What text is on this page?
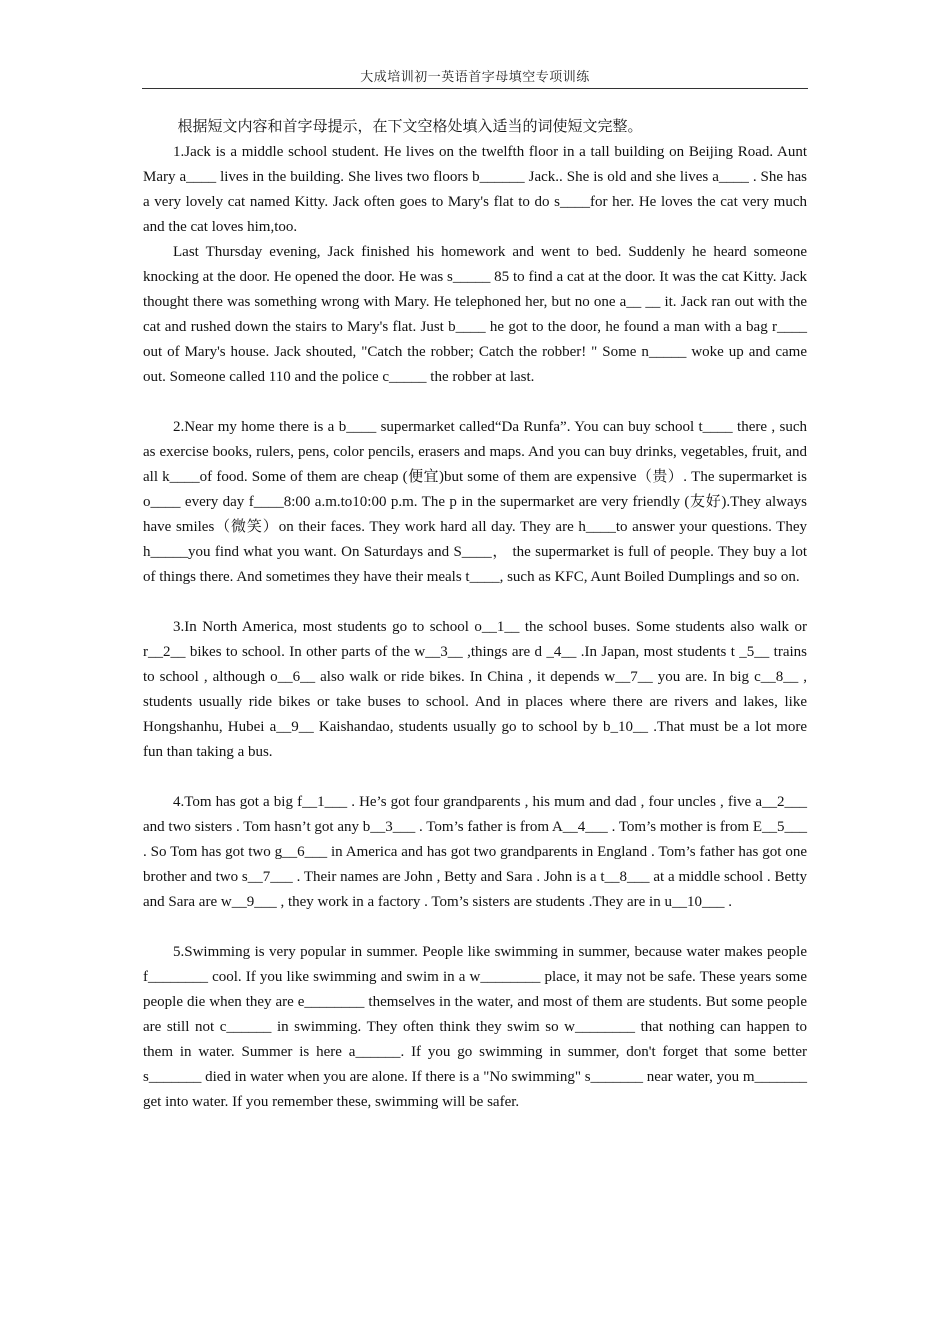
大成培训初一英语首字母填空专项训练

根据短文内容和首字母提示，在下文空格处填入适当的词使短文完整。

1.Jack is a middle school student. He lives on the twelfth floor in a tall building on Beijing Road. Aunt Mary a____ lives in the building. She lives two floors b______ Jack.. She is old and she lives a____ . She has a very lovely cat named Kitty. Jack often goes to Mary's flat to do s____for her. He loves the cat very much and the cat loves him,too.

Last Thursday evening, Jack finished his homework and went to bed. Suddenly he heard someone knocking at the door. He opened the door. He was s_____ 85 to find a cat at the door. It was the cat Kitty. Jack thought there was something wrong with Mary. He telephoned her, but no one a__ __ it. Jack ran out with the cat and rushed down the stairs to Mary's flat. Just b____ he got to the door, he found a man with a bag r____ out of Mary's house. Jack shouted, "Catch the robber; Catch the robber! " Some n_____ woke up and came out. Someone called 110 and the police c_____ the robber at last.

2.Near my home there is a b____ supermarket called“Da Runfa”. You can buy school t____ there , such as exercise books, rulers, pens, color pencils, erasers and maps. And you can buy drinks, vegetables, fruit, and all k____of food. Some of them are cheap (便宜)but some of them are expensive（贵）. The supermarket is o____ every day f____8:00 a.m.to10:00 p.m. The p in the supermarket are very friendly (友好).They always have smiles（微笑）on their faces. They work hard all day. They are h____to answer your questions. They h_____you find what you want. On Saturdays and S____， the supermarket is full of people. They buy a lot of things there. And sometimes they have their meals t____, such as KFC, Aunt Boiled Dumplings and so on.

3.In North America, most students go to school o__1__ the school buses. Some students also walk or r__2__ bikes to school. In other parts of the w__3__ ,things are d _4__ .In Japan, most students t _5__ trains to school , although o__6__ also walk or ride bikes. In China , it depends w__7__ you are. In big c__8__ , students usually ride bikes or take buses to school. And in places where there are rivers and lakes, like Hongshanhu, Hubei a__9__ Kaishandao, students usually go to school by b_10__ .That must be a lot more fun than taking a bus.

4.Tom has got a big f__1___ . He’s got four grandparents , his mum and dad , four uncles , five a__2___ and two sisters . Tom hasn’t got any b__3___ . Tom’s father is from A__4___ . Tom’s mother is from E__5___ . So Tom has got two g__6___ in America and has got two grandparents in England . Tom’s father has got one brother and two s__7___ . Their names are John , Betty and Sara . John is a t__8___ at a middle school . Betty and Sara are w__9___ , they work in a factory . Tom’s sisters are students .They are in u__10___ .

5.Swimming is very popular in summer. People like swimming in summer, because water makes people f________ cool. If you like swimming and swim in a w________ place, it may not be safe. These years some people die when they are e________ themselves in the water, and most of them are students. But some people are still not c______ in swimming. They often think they swim so w________ that nothing can happen to them in water. Summer is here a______. If you go swimming in summer, don't forget that some better s_______ died in water when you are alone. If there is a "No swimming" s_______ near water, you m_______ get into water. If you remember these, swimming will be safer.
